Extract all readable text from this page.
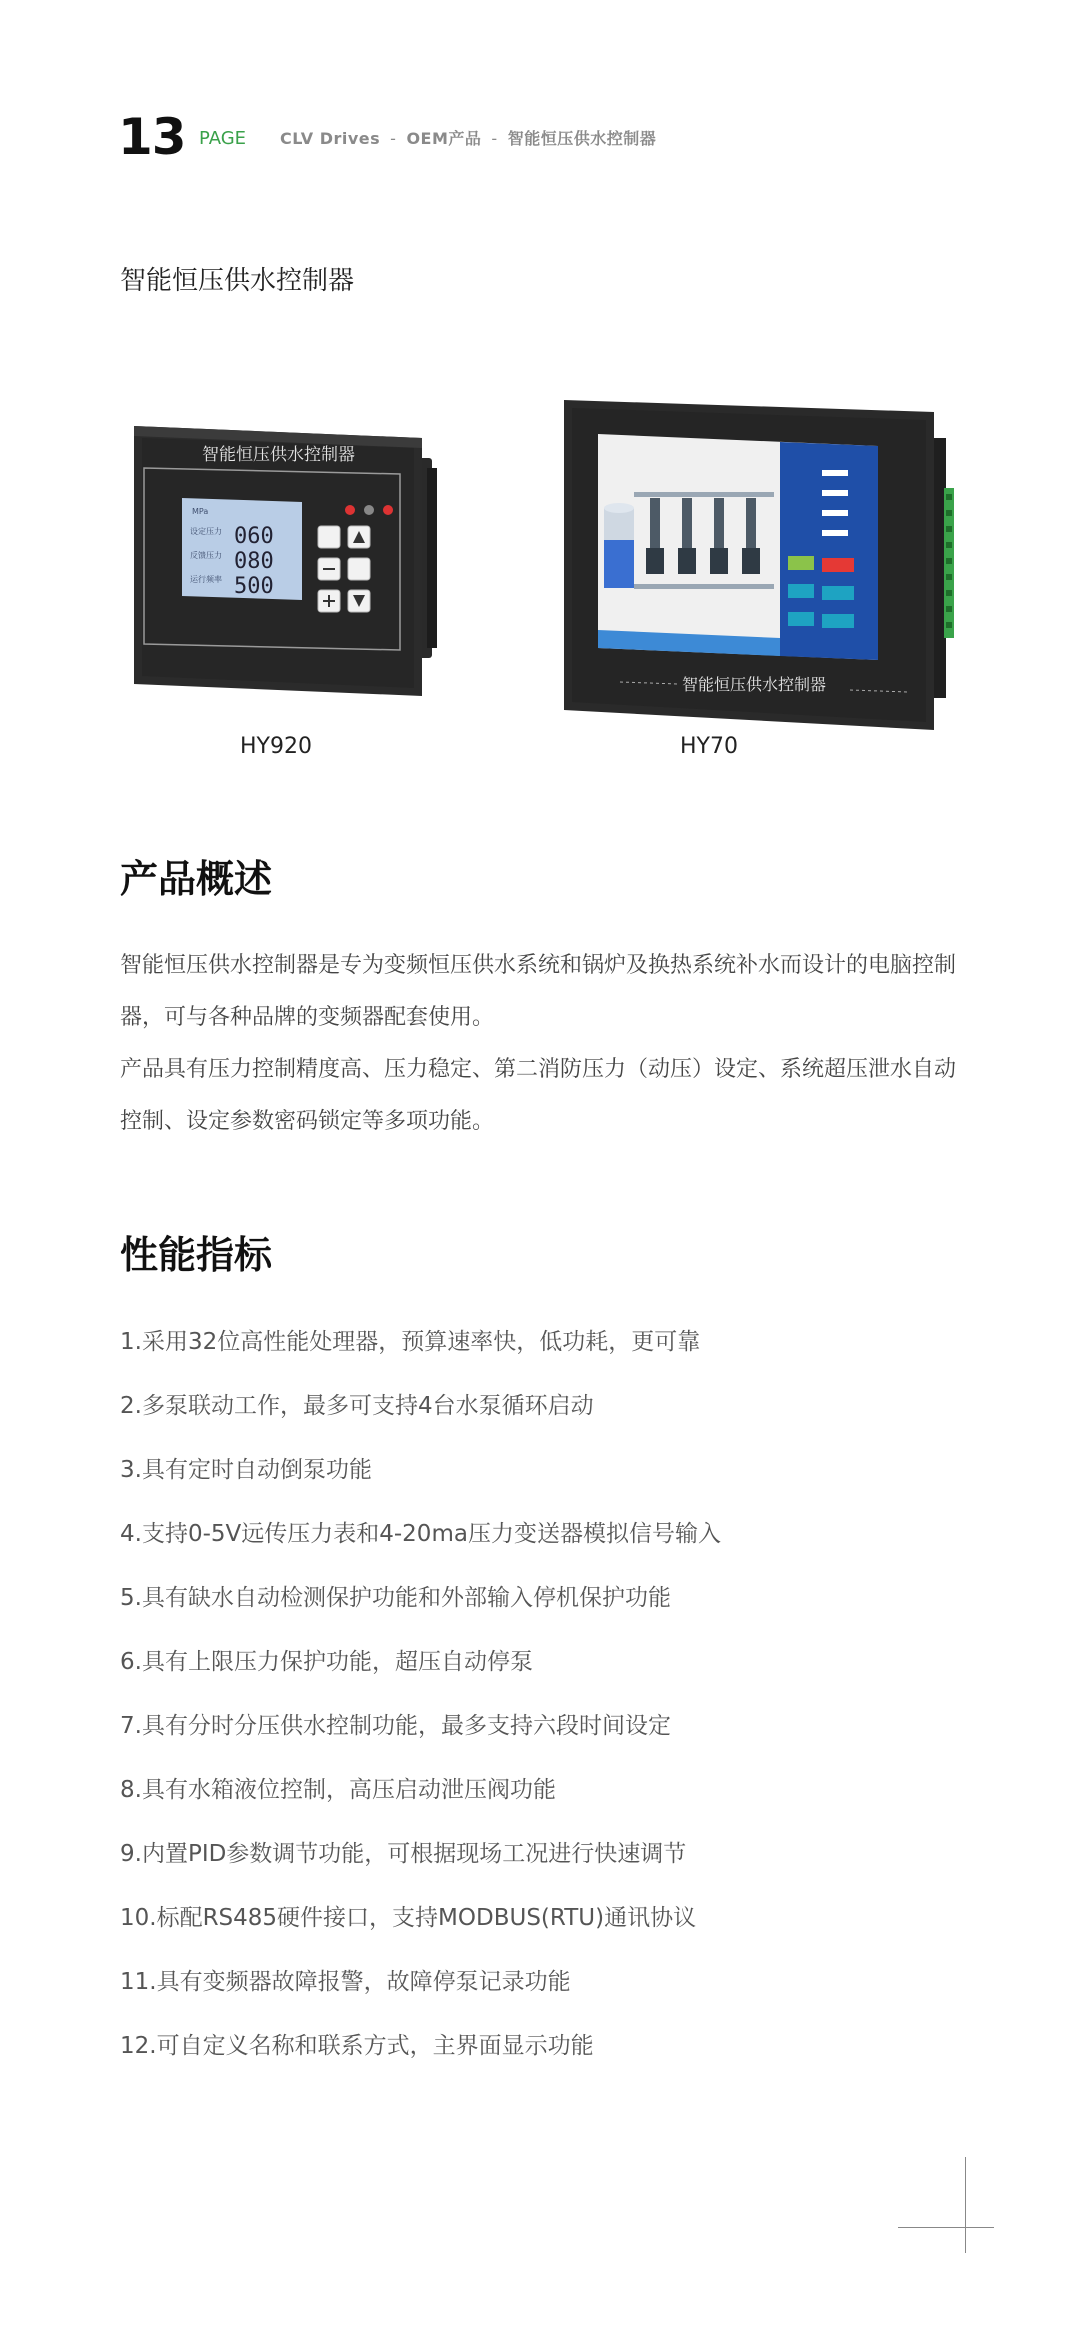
13 PAGE CLV Drives - OEM产品 - 智能恒压供水控制器
智能恒压供水控制器
智能恒压供水控制器
MPa
设定压力
反馈压力
运行频率
060
080
500
HY920
智能恒压供水控制器
HY70
产品概述
智能恒压供水控制器是专为变频恒压供水系统和锅炉及换热系统补水而设计的电脑控制器，可与各种品牌的变频器配套使用。
产品具有压力控制精度高、压力稳定、第二消防压力（动压）设定、系统超压泄水自动控制、设定参数密码锁定等多项功能。
性能指标
1.采用32位高性能处理器，预算速率快，低功耗，更可靠
2.多泵联动工作，最多可支持4台水泵循环启动
3.具有定时自动倒泵功能
4.支持0-5V远传压力表和4-20ma压力变送器模拟信号输入
5.具有缺水自动检测保护功能和外部输入停机保护功能
6.具有上限压力保护功能，超压自动停泵
7.具有分时分压供水控制功能，最多支持六段时间设定
8.具有水箱液位控制，高压启动泄压阀功能
9.内置PID参数调节功能，可根据现场工况进行快速调节
10.标配RS485硬件接口，支持MODBUS(RTU)通讯协议
11.具有变频器故障报警，故障停泵记录功能
12.可自定义名称和联系方式，主界面显示功能
